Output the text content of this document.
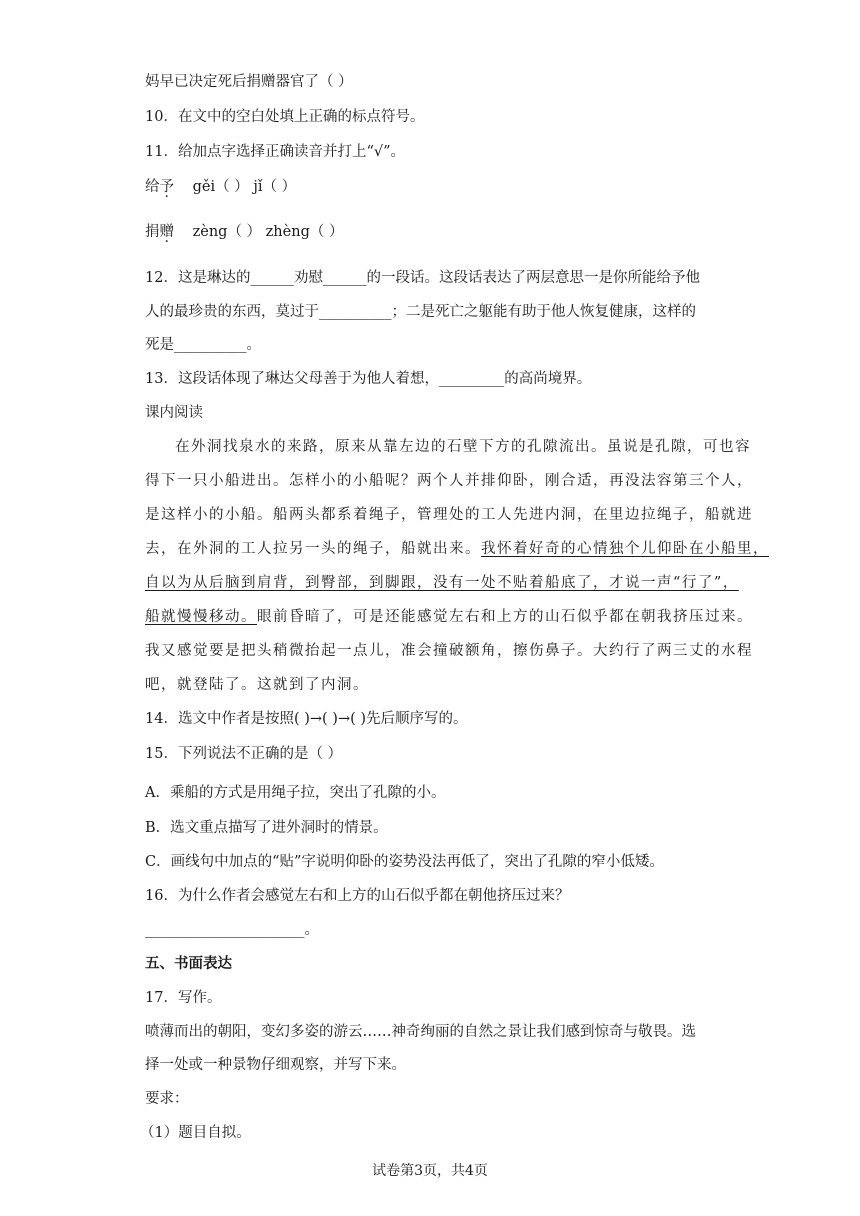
妈早已决定死后捐赠器官了（ ）
10．在文中的空白处填上正确的标点符号。
11．给加点字选择正确读音并打上“√”。
给予 gěi（ ） jǐ（ ）
捐赠 zèng（ ） zhèng（ ）
12．这是琳达的______劝慰______的一段话。这段话表达了两层意思一是你所能给予他
人的最珍贵的东西，莫过于__________；二是死亡之躯能有助于他人恢复健康，这样的
死是__________。
13．这段话体现了琳达父母善于为他人着想，_________的高尚境界。
课内阅读
在外洞找泉水的来路，原来从靠左边的石壁下方的孔隙流出。虽说是孔隙，可也容
得下一只小船进出。怎样小的小船呢？两个人并排仰卧，刚合适，再没法容第三个人，
是这样小的小船。船两头都系着绳子，管理处的工人先进内洞，在里边拉绳子，船就进
去，在外洞的工人拉另一头的绳子，船就出来。我怀着好奇的心情独个儿仰卧在小船里，
自以为从后脑到肩背，到臀部，到脚跟，没有一处不贴着船底了，才说一声“行了”，
船就慢慢移动。眼前昏暗了，可是还能感觉左右和上方的山石似乎都在朝我挤压过来。
我又感觉要是把头稍微抬起一点儿，准会撞破额角，擦伤鼻子。大约行了两三丈的水程
吧，就登陆了。这就到了内洞。
14．选文中作者是按照( )→( )→( )先后顺序写的。
15．下列说法不正确的是（ ）
A．乘船的方式是用绳子拉，突出了孔隙的小。
B．选文重点描写了进外洞时的情景。
C．画线句中加点的“贴”字说明仰卧的姿势没法再低了，突出了孔隙的窄小低矮。
16．为什么作者会感觉左右和上方的山石似乎都在朝他挤压过来？
______________________。
五、书面表达
17．写作。
喷薄而出的朝阳，变幻多姿的游云……神奇绚丽的自然之景让我们感到惊奇与敬畏。选
择一处或一种景物仔细观察，并写下来。
要求：
（1）题目自拟。
试卷第3页，共4页
